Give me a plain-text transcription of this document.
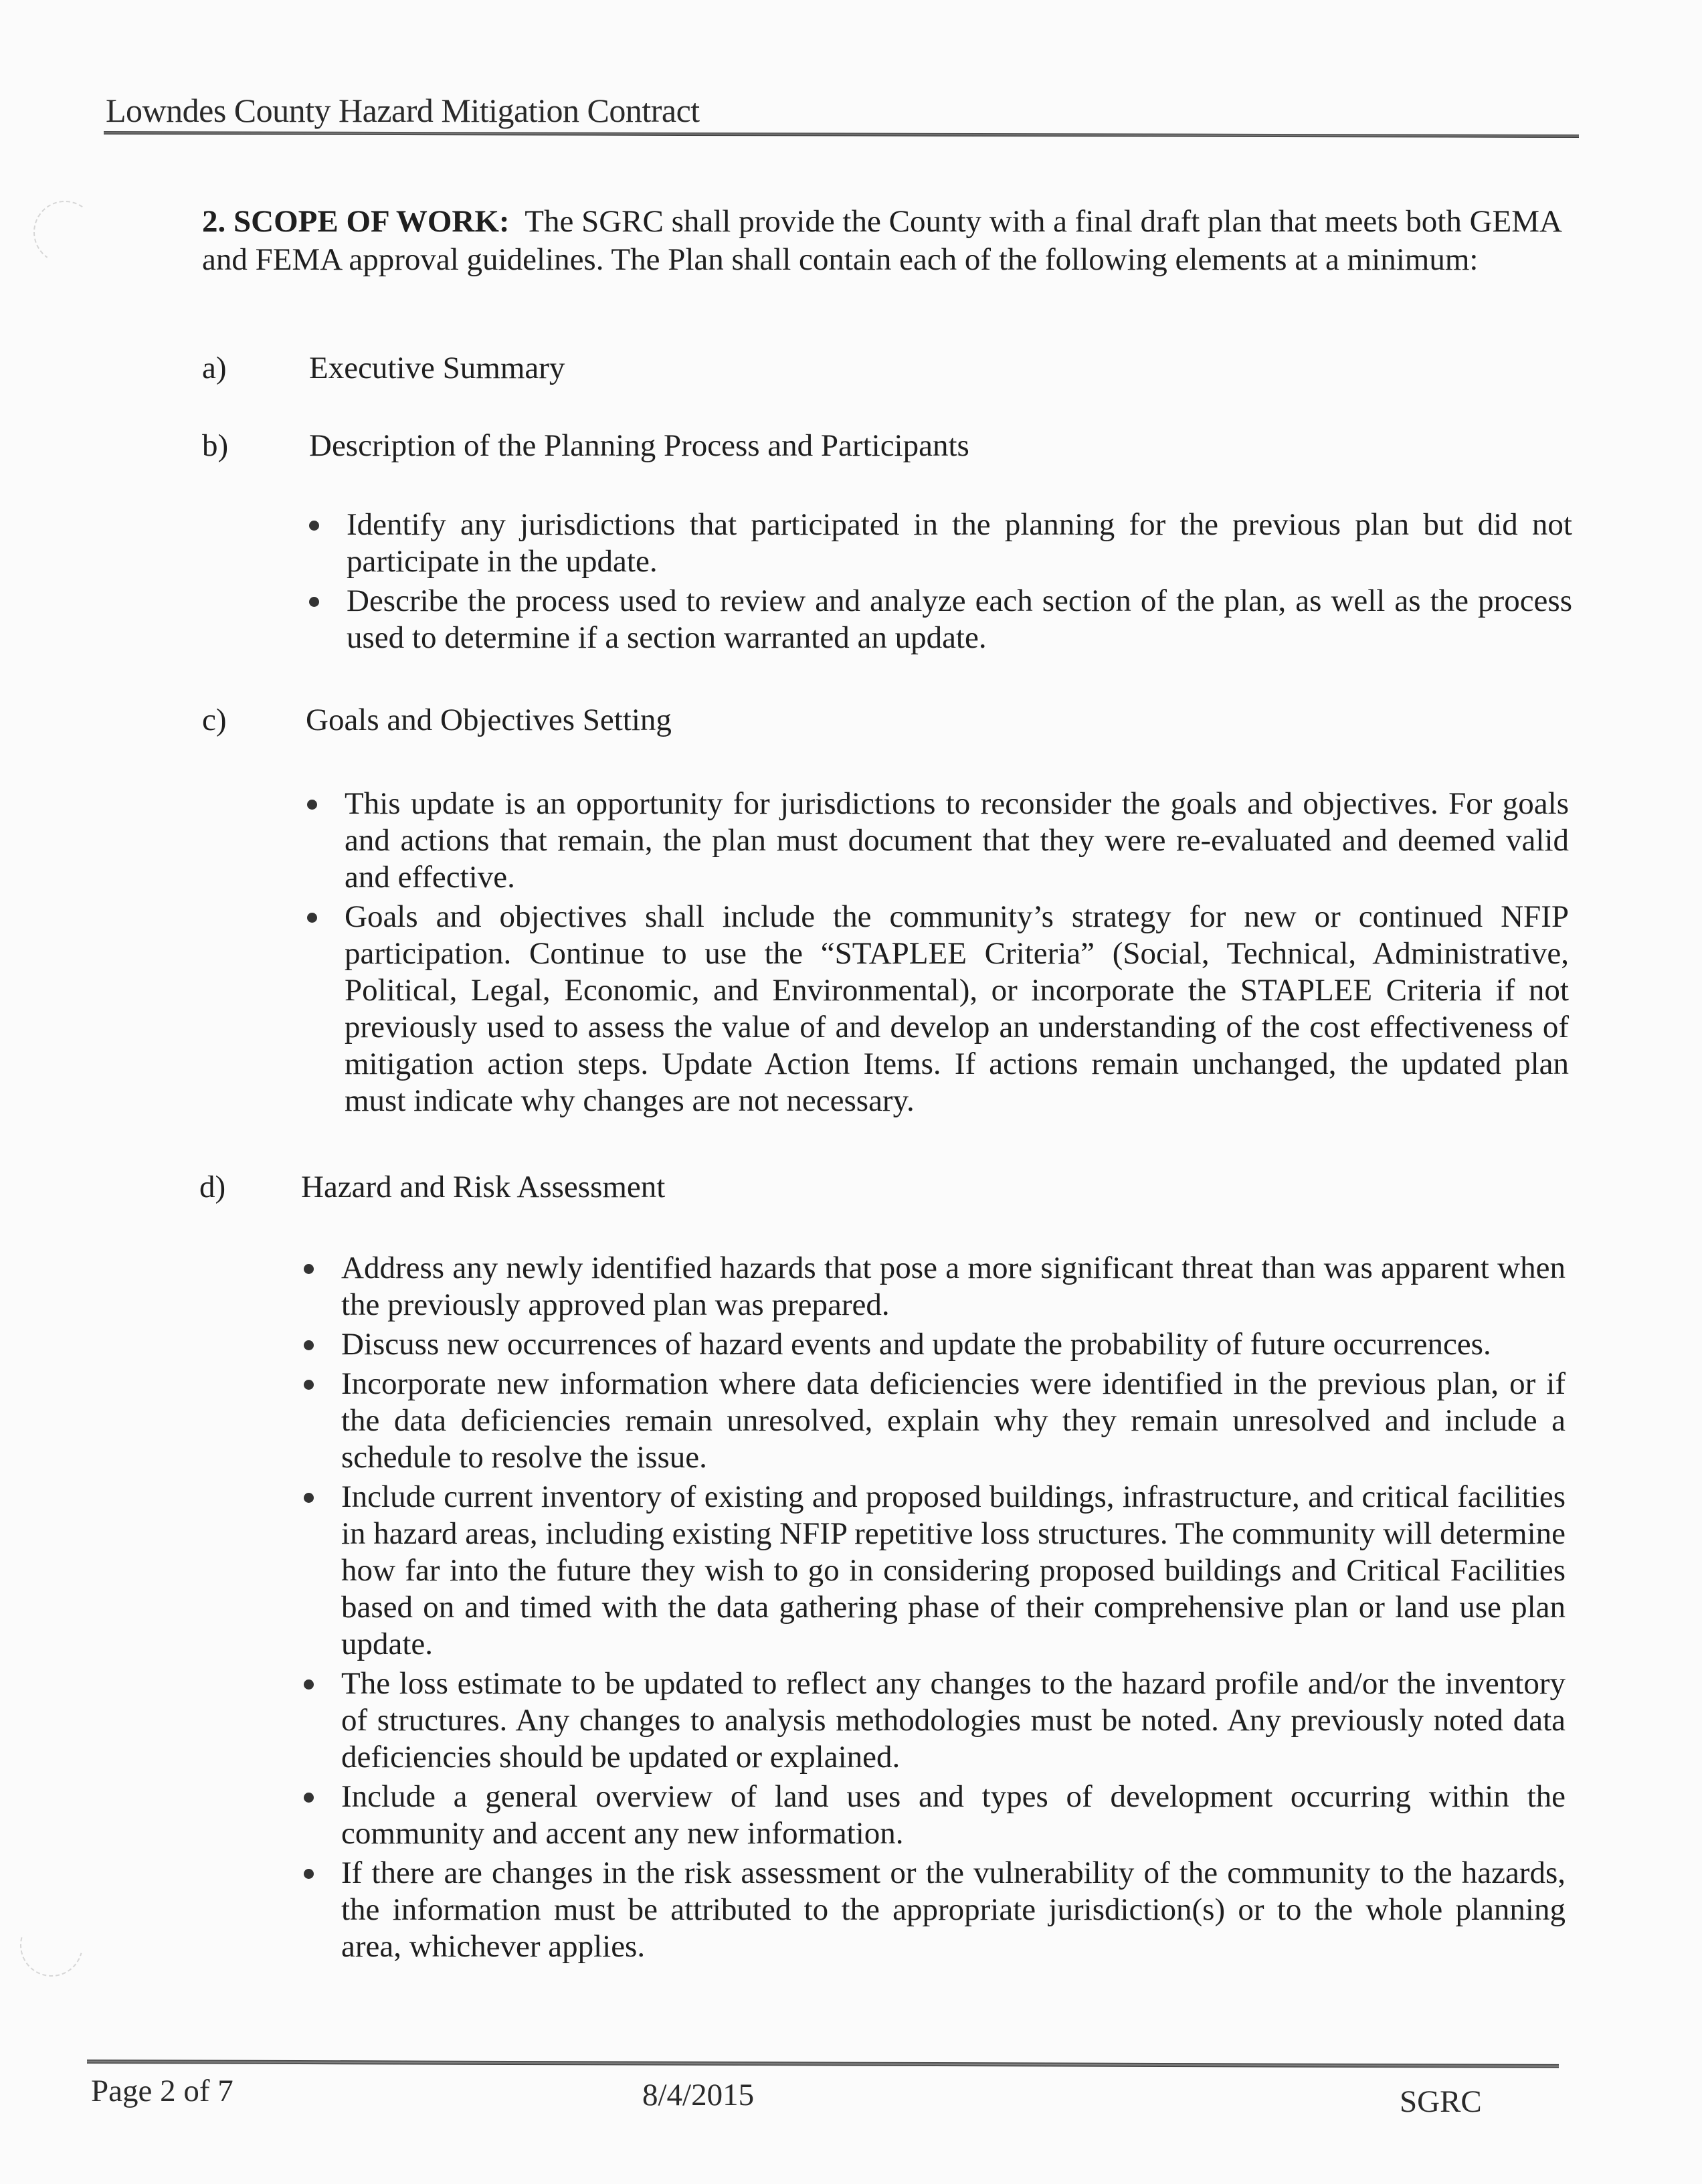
Lowndes County Hazard Mitigation Contract
2. SCOPE OF WORK: The SGRC shall provide the County with a final draft plan that meets both GEMA and FEMA approval guidelines. The Plan shall contain each of the following elements at a minimum:
a)	Executive Summary
b)	Description of the Planning Process and Participants
Identify any jurisdictions that participated in the planning for the previous plan but did not participate in the update.
Describe the process used to review and analyze each section of the plan, as well as the process used to determine if a section warranted an update.
c)	Goals and Objectives Setting
This update is an opportunity for jurisdictions to reconsider the goals and objectives. For goals and actions that remain, the plan must document that they were re-evaluated and deemed valid and effective.
Goals and objectives shall include the community’s strategy for new or continued NFIP participation. Continue to use the “STAPLEE Criteria” (Social, Technical, Administrative, Political, Legal, Economic, and Environmental), or incorporate the STAPLEE Criteria if not previously used to assess the value of and develop an understanding of the cost effectiveness of mitigation action steps. Update Action Items. If actions remain unchanged, the updated plan must indicate why changes are not necessary.
d) Hazard and Risk Assessment
Address any newly identified hazards that pose a more significant threat than was apparent when the previously approved plan was prepared.
Discuss new occurrences of hazard events and update the probability of future occurrences.
Incorporate new information where data deficiencies were identified in the previous plan, or if the data deficiencies remain unresolved, explain why they remain unresolved and include a schedule to resolve the issue.
Include current inventory of existing and proposed buildings, infrastructure, and critical facilities in hazard areas, including existing NFIP repetitive loss structures. The community will determine how far into the future they wish to go in considering proposed buildings and Critical Facilities based on and timed with the data gathering phase of their comprehensive plan or land use plan update.
The loss estimate to be updated to reflect any changes to the hazard profile and/or the inventory of structures. Any changes to analysis methodologies must be noted. Any previously noted data deficiencies should be updated or explained.
Include a general overview of land uses and types of development occurring within the community and accent any new information.
If there are changes in the risk assessment or the vulnerability of the community to the hazards, the information must be attributed to the appropriate jurisdiction(s) or to the whole planning area, whichever applies.
Page 2 of 7	8/4/2015	SGRC
